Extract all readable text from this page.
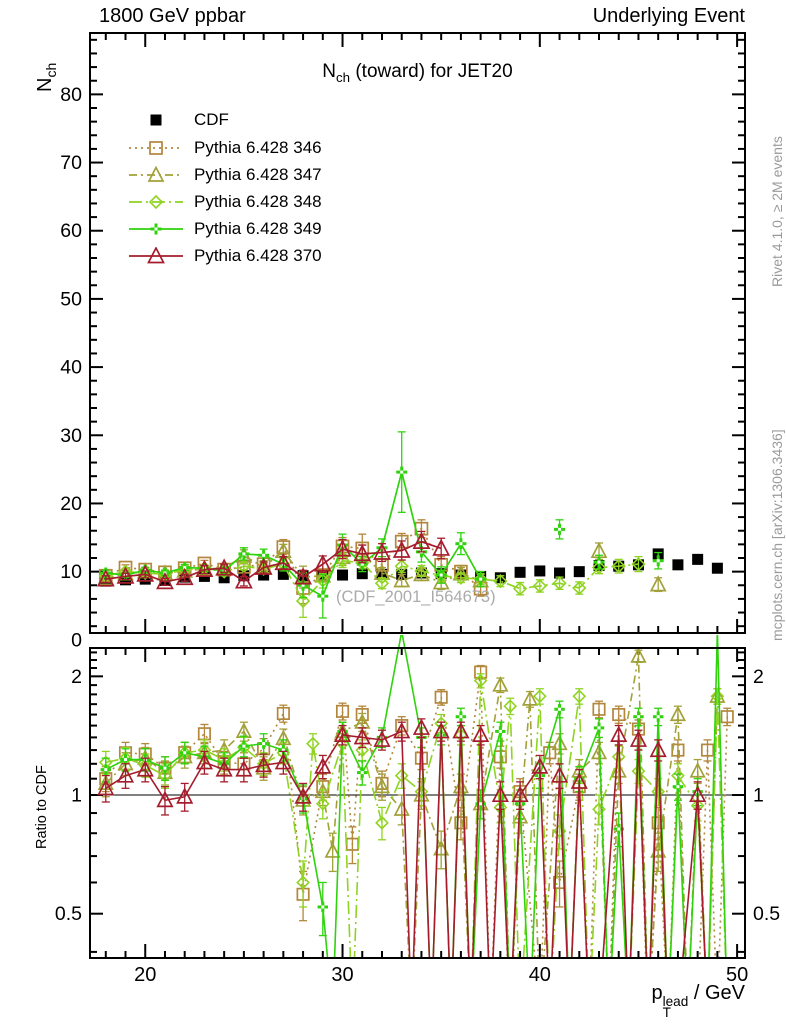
1800 GeV ppbar	Underlying Event
$N_{ch}$	$N_{ch}$ (toward) for JET20
0
10
20
30
40
50
60
70
80
0.5	0.5
1	1
2	2
20	30	40	50
CDF
Pythia 6.428 346
Pythia 6.428 347
Pythia 6.428 348
Pythia 6.428 349
Pythia 6.428 370
(CDF_2001_I564673)
Ratio to CDF
Rivet 4.1.0, ≥ 2M events
mcplots.cern.ch [arXiv:1306.3436]
p lead
T
/ GeV
